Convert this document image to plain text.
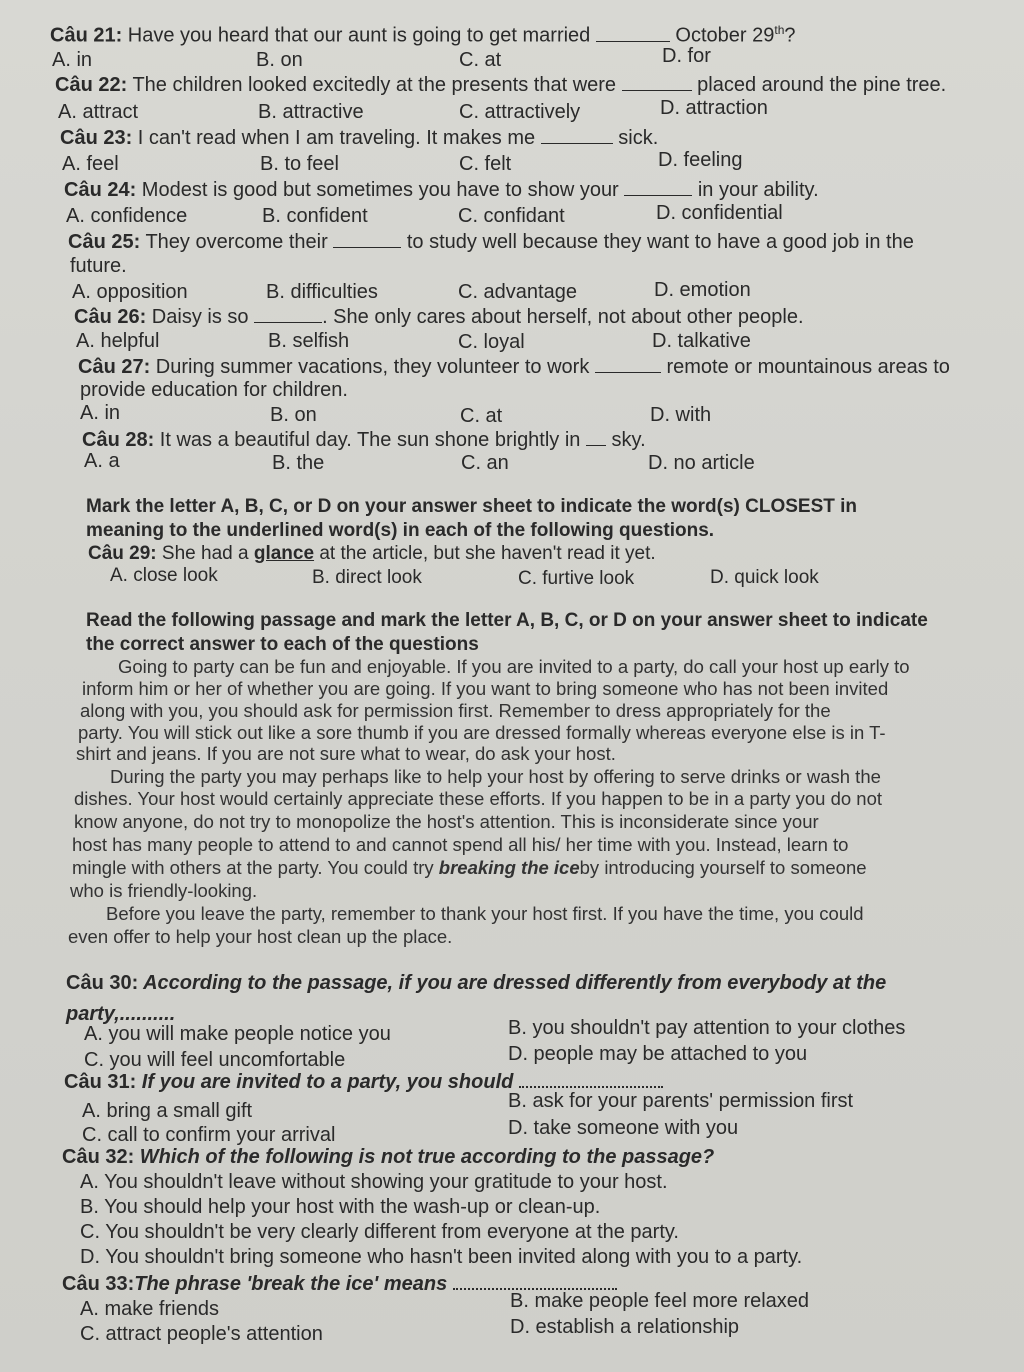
Câu 21: Have you heard that our aunt is going to get married	October 29th?
A. in	B. on	C. at	D. for
Câu 22: The children looked excitedly at the presents that were	placed around the pine tree.
A. attract	B. attractive	C. attractively	D. attraction
Câu 23: I can't read when I am traveling. It makes me	sick.
A. feel	B. to feel	C. felt	D. feeling
Câu 24: Modest is good but sometimes you have to show your	in your ability.
A. confidence	B. confident	C. confidant	D. confidential
Câu 25: They overcome their	to study well because they want to have a good job in the
future.
A. opposition	B. difficulties	C. advantage	D. emotion
Câu 26: Daisy is so	. She only cares about herself, not about other people.
A. helpful	B. selfish	C. loyal	D. talkative
Câu 27: During summer vacations, they volunteer to work	remote or mountainous areas to
provide education for children.
A. in	B. on	C. at	D. with
Câu 28: It was a beautiful day. The sun shone brightly in  sky.
A. a	B. the	C. an	D. no article
Mark the letter A, B, C, or D on your answer sheet to indicate the word(s) CLOSEST in
meaning to the underlined word(s) in each of the following questions.
Câu 29: She had a glance at the article, but she haven't read it yet.
A. close look	B. direct look	C. furtive look	D. quick look
Read the following passage and mark the letter A, B, C, or D on your answer sheet to indicate
the correct answer to each of the questions
Going to party can be fun and enjoyable. If you are invited to a party, do call your host up early to
inform him or her of whether you are going. If you want to bring someone who has not been invited
along with you, you should ask for permission first. Remember to dress appropriately for the
party. You will stick out like a sore thumb if you are dressed formally whereas everyone else is in T-
shirt and jeans. If you are not sure what to wear, do ask your host.
During the party you may perhaps like to help your host by offering to serve drinks or wash the
dishes. Your host would certainly appreciate these efforts. If you happen to be in a party you do not
know anyone, do not try to monopolize the host's attention. This is inconsiderate since your
host has many people to attend to and cannot spend all his/ her time with you. Instead, learn to
mingle with others at the party. You could try breaking the iceby introducing yourself to someone
who is friendly-looking.
Before you leave the party, remember to thank your host first. If you have the time, you could
even offer to help your host clean up the place.
Câu 30: According to the passage, if you are dressed differently from everybody at the
party,..........
A. you will make people notice you	B. you shouldn't pay attention to your clothes
C. you will feel uncomfortable	D. people may be attached to you
Câu 31: If you are invited to a party, you should
A. bring a small gift	B. ask for your parents' permission first
C. call to confirm your arrival	D. take someone with you
Câu 32: Which of the following is not true according to the passage?
A. You shouldn't leave without showing your gratitude to your host.
B. You should help your host with the wash-up or clean-up.
C. You shouldn't be very clearly different from everyone at the party.
D. You shouldn't bring someone who hasn't been invited along with you to a party.
Câu 33:The phrase 'break the ice' means
A. make friends	B. make people feel more relaxed
C. attract people's attention	D. establish a relationship
